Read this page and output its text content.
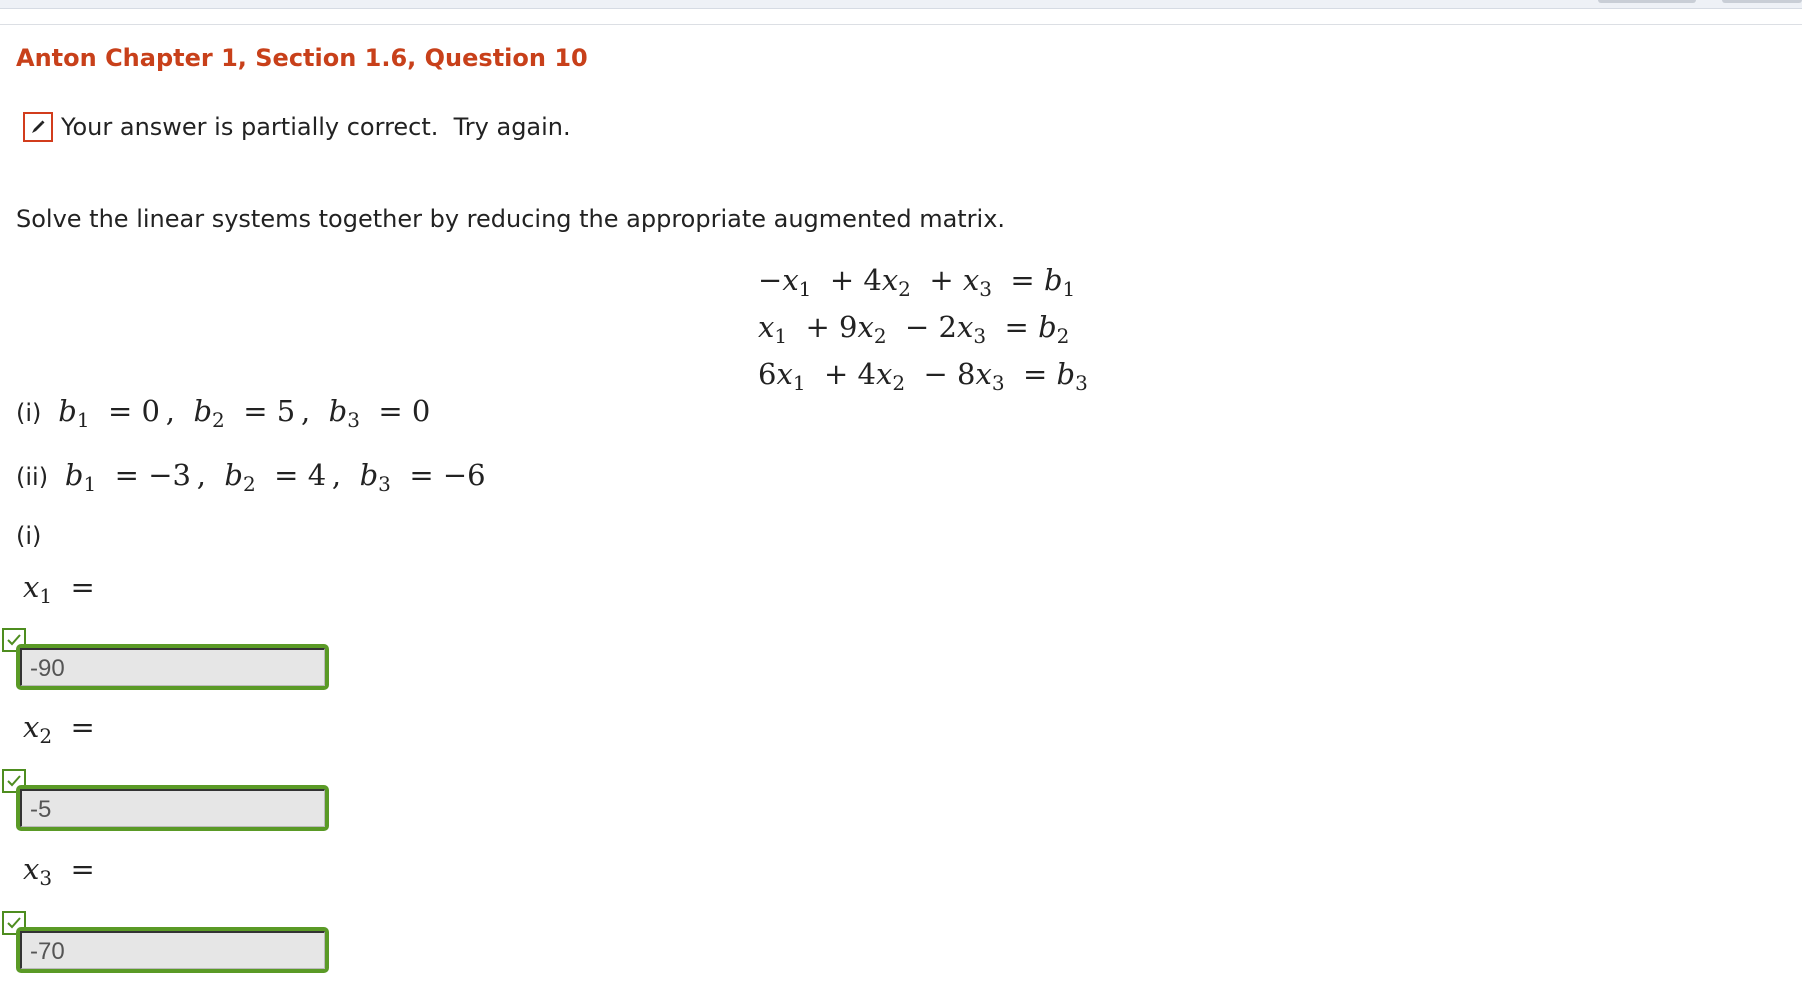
Anton Chapter 1, Section 1.6, Question 10
Your answer is partially correct.  Try again.
Solve the linear systems together by reducing the appropriate augmented matrix.
$-x_1 + 4x_2 + x_3 = b_1$
$x_1 + 9x_2 - 2x_3 = b_2$
$6x_1 + 4x_2 - 8x_3 = b_3$
(i) $b_1 = 0$ ,  $b_2 = 5$ ,  $b_3 = 0$
(ii) $b_1 = -3$ ,  $b_2 = 4$ ,  $b_3 = -6$
(i)
$x_1$  =
-90
$x_2$  =
-5
$x_3$  =
-70
